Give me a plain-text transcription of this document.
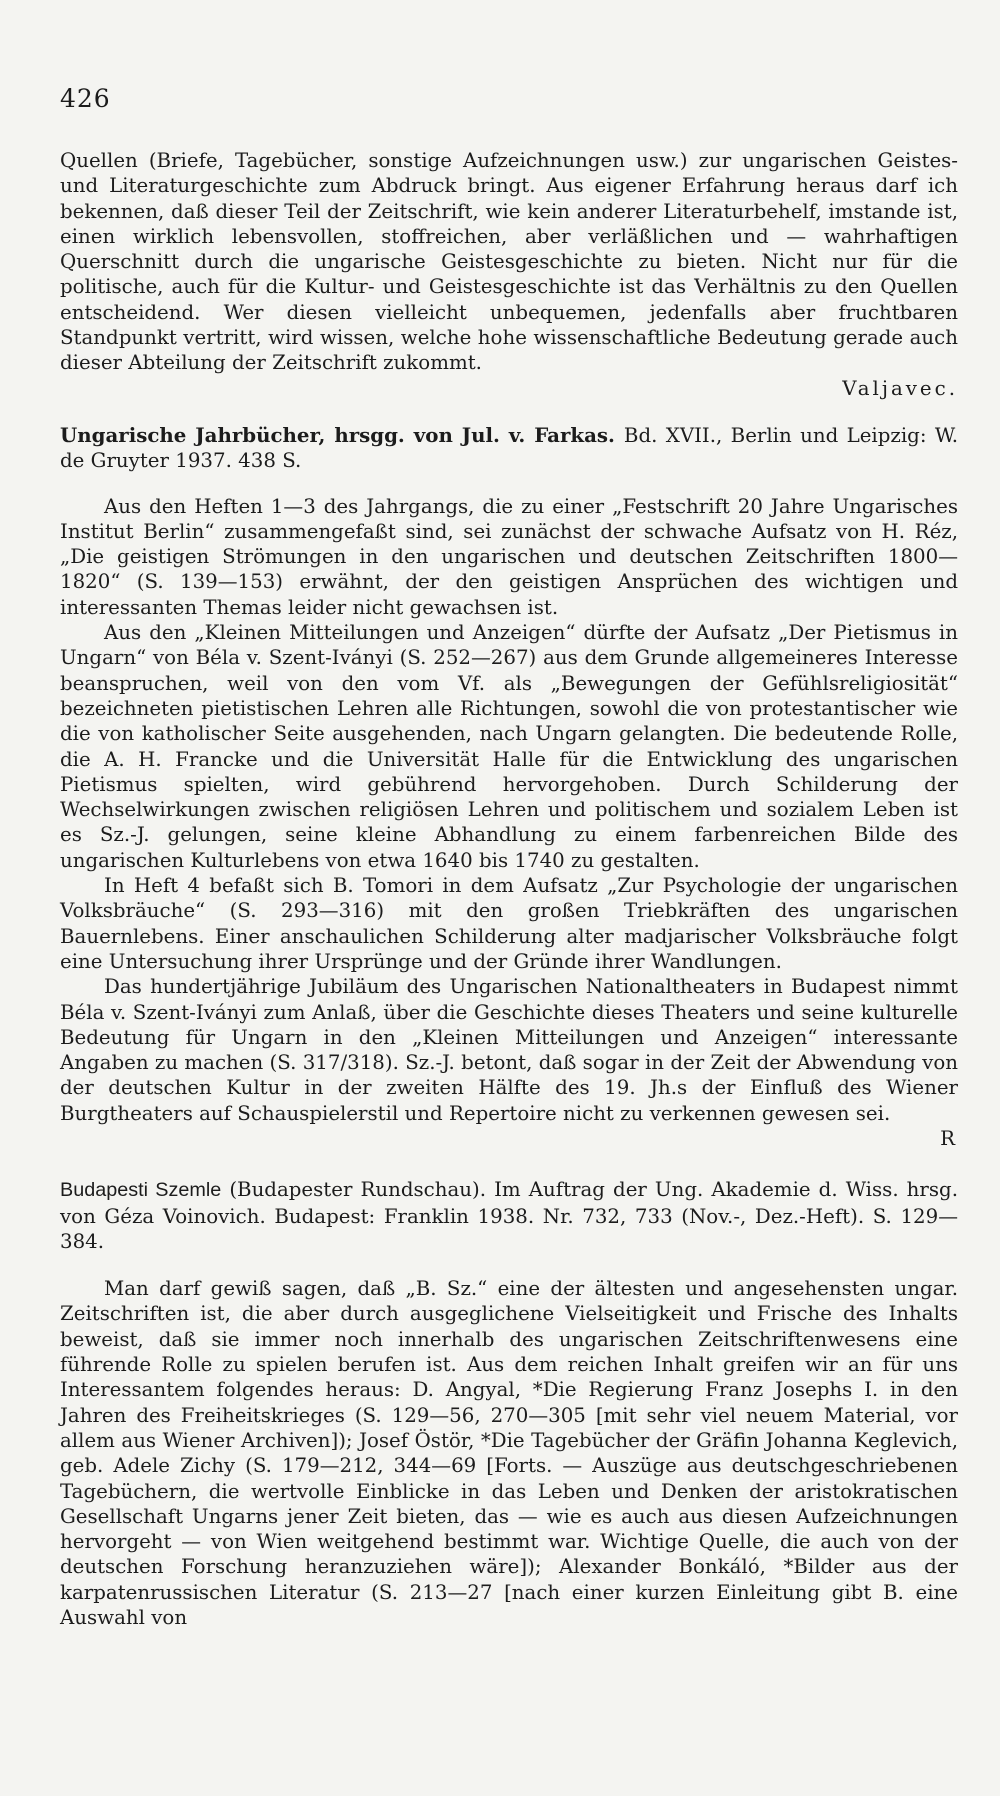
426

Quellen (Briefe, Tagebücher, sonstige Aufzeichnungen usw.) zur ungarischen Geistes- und Literaturgeschichte zum Abdruck bringt. Aus eigener Erfahrung heraus darf ich bekennen, daß dieser Teil der Zeitschrift, wie kein anderer Literaturbehelf, imstande ist, einen wirklich lebensvollen, stoffreichen, aber verläßlichen und — wahrhaftigen Querschnitt durch die ungarische Geistesgeschichte zu bieten. Nicht nur für die politische, auch für die Kultur- und Geistesgeschichte ist das Verhältnis zu den Quellen entscheidend. Wer diesen vielleicht unbequemen, jedenfalls aber fruchtbaren Standpunkt vertritt, wird wissen, welche hohe wissenschaftliche Bedeutung gerade auch dieser Abteilung der Zeitschrift zukommt.

Valjavec.

Ungarische Jahrbücher, hrsgg. von Jul. v. Farkas. Bd. XVII., Berlin und Leipzig: W. de Gruyter 1937. 438 S.

Aus den Heften 1—3 des Jahrgangs, die zu einer „Festschrift 20 Jahre Ungarisches Institut Berlin“ zusammengefaßt sind, sei zunächst der schwache Aufsatz von H. Réz, „Die geistigen Strömungen in den ungarischen und deutschen Zeitschriften 1800—1820“ (S. 139—153) erwähnt, der den geistigen Ansprüchen des wichtigen und interessanten Themas leider nicht gewachsen ist.

Aus den „Kleinen Mitteilungen und Anzeigen“ dürfte der Aufsatz „Der Pietismus in Ungarn“ von Béla v. Szent-Iványi (S. 252—267) aus dem Grunde allgemeineres Interesse beanspruchen, weil von den vom Vf. als „Bewegungen der Gefühlsreligiosität“ bezeichneten pietistischen Lehren alle Richtungen, sowohl die von protestantischer wie die von katholischer Seite ausgehenden, nach Ungarn gelangten. Die bedeutende Rolle, die A. H. Francke und die Universität Halle für die Entwicklung des ungarischen Pietismus spielten, wird gebührend hervorgehoben. Durch Schilderung der Wechselwirkungen zwischen religiösen Lehren und politischem und sozialem Leben ist es Sz.-J. gelungen, seine kleine Abhandlung zu einem farbenreichen Bilde des ungarischen Kulturlebens von etwa 1640 bis 1740 zu gestalten.

In Heft 4 befaßt sich B. Tomori in dem Aufsatz „Zur Psychologie der ungarischen Volksbräuche“ (S. 293—316) mit den großen Triebkräften des ungarischen Bauernlebens. Einer anschaulichen Schilderung alter madjarischer Volksbräuche folgt eine Untersuchung ihrer Ursprünge und der Gründe ihrer Wandlungen.

Das hundertjährige Jubiläum des Ungarischen Nationaltheaters in Budapest nimmt Béla v. Szent-Iványi zum Anlaß, über die Geschichte dieses Theaters und seine kulturelle Bedeutung für Ungarn in den „Kleinen Mitteilungen und Anzeigen“ interessante Angaben zu machen (S. 317/318). Sz.-J. betont, daß sogar in der Zeit der Abwendung von der deutschen Kultur in der zweiten Hälfte des 19. Jh.s der Einfluß des Wiener Burgtheaters auf Schauspielerstil und Repertoire nicht zu verkennen gewesen sei.

R

Budapesti Szemle (Budapester Rundschau). Im Auftrag der Ung. Akademie d. Wiss. hrsg. von Géza Voinovich. Budapest: Franklin 1938. Nr. 732, 733 (Nov.-, Dez.-Heft). S. 129—384.

Man darf gewiß sagen, daß „B. Sz.“ eine der ältesten und angesehensten ungar. Zeitschriften ist, die aber durch ausgeglichene Vielseitigkeit und Frische des Inhalts beweist, daß sie immer noch innerhalb des ungarischen Zeitschriftenwesens eine führende Rolle zu spielen berufen ist. Aus dem reichen Inhalt greifen wir an für uns Interessantem folgendes heraus: D. Angyal, *Die Regierung Franz Josephs I. in den Jahren des Freiheitskrieges (S. 129—56, 270—305 [mit sehr viel neuem Material, vor allem aus Wiener Archiven]); Josef Östör, *Die Tagebücher der Gräfin Johanna Keglevich, geb. Adele Zichy (S. 179—212, 344—69 [Forts. — Auszüge aus deutschgeschriebenen Tagebüchern, die wertvolle Einblicke in das Leben und Denken der aristokratischen Gesellschaft Ungarns jener Zeit bieten, das — wie es auch aus diesen Aufzeichnungen hervorgeht — von Wien weitgehend bestimmt war. Wichtige Quelle, die auch von der deutschen Forschung heranzuziehen wäre]); Alexander Bonkáló, *Bilder aus der karpatenrussischen Literatur (S. 213—27 [nach einer kurzen Einleitung gibt B. eine Auswahl von
